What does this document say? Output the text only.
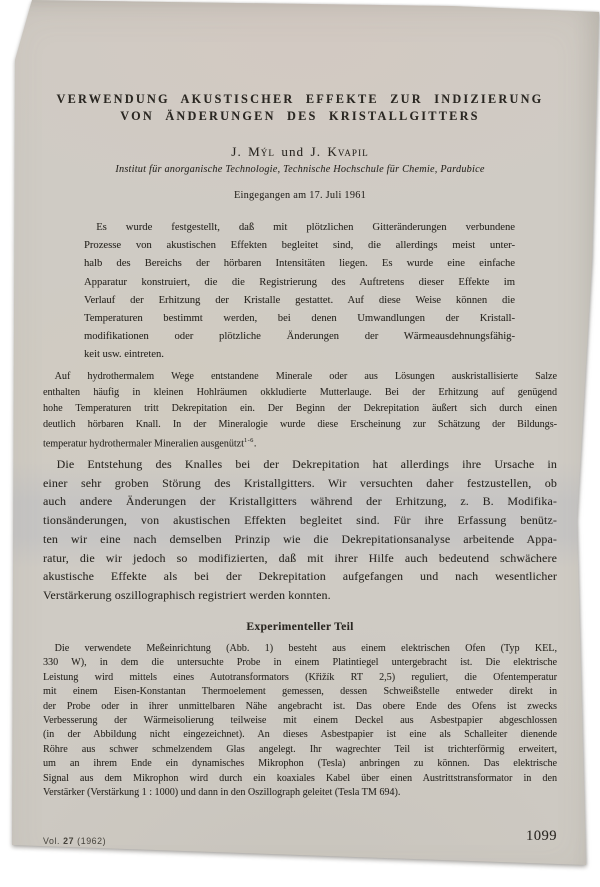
VERWENDUNG AKUSTISCHER EFFEKTE ZUR INDIZIERUNG
VON ÄNDERUNGEN DES KRISTALLGITTERS
J. Mýl und J. Kvapil
Institut für anorganische Technologie, Technische Hochschule für Chemie, Pardubice
Eingegangen am 17. Juli 1961
Es wurde festgestellt, daß mit plötzlichen Gitteränderungen verbundene
Prozesse von akustischen Effekten begleitet sind, die allerdings meist unter-
halb des Bereichs der hörbaren Intensitäten liegen. Es wurde eine einfache
Apparatur konstruiert, die die Registrierung des Auftretens dieser Effekte im
Verlauf der Erhitzung der Kristalle gestattet. Auf diese Weise können die
Temperaturen bestimmt werden, bei denen Umwandlungen der Kristall-
modifikationen oder plötzliche Änderungen der Wärmeausdehnungsfähig-
keit usw. eintreten.
Auf hydrothermalem Wege entstandene Minerale oder aus Lösungen auskristallisierte Salze
enthalten häufig in kleinen Hohlräumen okkludierte Mutterlauge. Bei der Erhitzung auf genügend
hohe Temperaturen tritt Dekrepitation ein. Der Beginn der Dekrepitation äußert sich durch einen
deutlich hörbaren Knall. In der Mineralogie wurde diese Erscheinung zur Schätzung der Bildungs-
temperatur hydrothermaler Mineralien ausgenützt$^{1-6}$.
Die Entstehung des Knalles bei der Dekrepitation hat allerdings ihre Ursache in
einer sehr groben Störung des Kristallgitters. Wir versuchten daher festzustellen, ob
auch andere Änderungen der Kristallgitters während der Erhitzung, z. B. Modifika-
tionsänderungen, von akustischen Effekten begleitet sind. Für ihre Erfassung benütz-
ten wir eine nach demselben Prinzip wie die Dekrepitationsanalyse arbeitende Appa-
ratur, die wir jedoch so modifizierten, daß mit ihrer Hilfe auch bedeutend schwächere
akustische Effekte als bei der Dekrepitation aufgefangen und nach wesentlicher
Verstärkerung oszillographisch registriert werden konnten.
Experimenteller Teil
Die verwendete Meßeinrichtung (Abb. 1) besteht aus einem elektrischen Ofen (Typ KEL,
330 W), in dem die untersuchte Probe in einem Platintiegel untergebracht ist. Die elektrische
Leistung wird mittels eines Autotransformators (Křižík RT 2,5) reguliert, die Ofentemperatur
mit einem Eisen-Konstantan Thermoelement gemessen, dessen Schweißstelle entweder direkt in
der Probe oder in ihrer unmittelbaren Nähe angebracht ist. Das obere Ende des Ofens ist zwecks
Verbesserung der Wärmeisolierung teilweise mit einem Deckel aus Asbestpapier abgeschlossen
(in der Abbildung nicht eingezeichnet). An dieses Asbestpapier ist eine als Schalleiter dienende
Röhre aus schwer schmelzendem Glas angelegt. Ihr wagrechter Teil ist trichterförmig erweitert,
um an ihrem Ende ein dynamisches Mikrophon (Tesla) anbringen zu können. Das elektrische
Signal aus dem Mikrophon wird durch ein koaxiales Kabel über einen Austrittstransformator in den
Verstärker (Verstärkung 1 : 1000) und dann in den Oszillograph geleitet (Tesla TM 694).
Vol. 27 (1962)	1099
